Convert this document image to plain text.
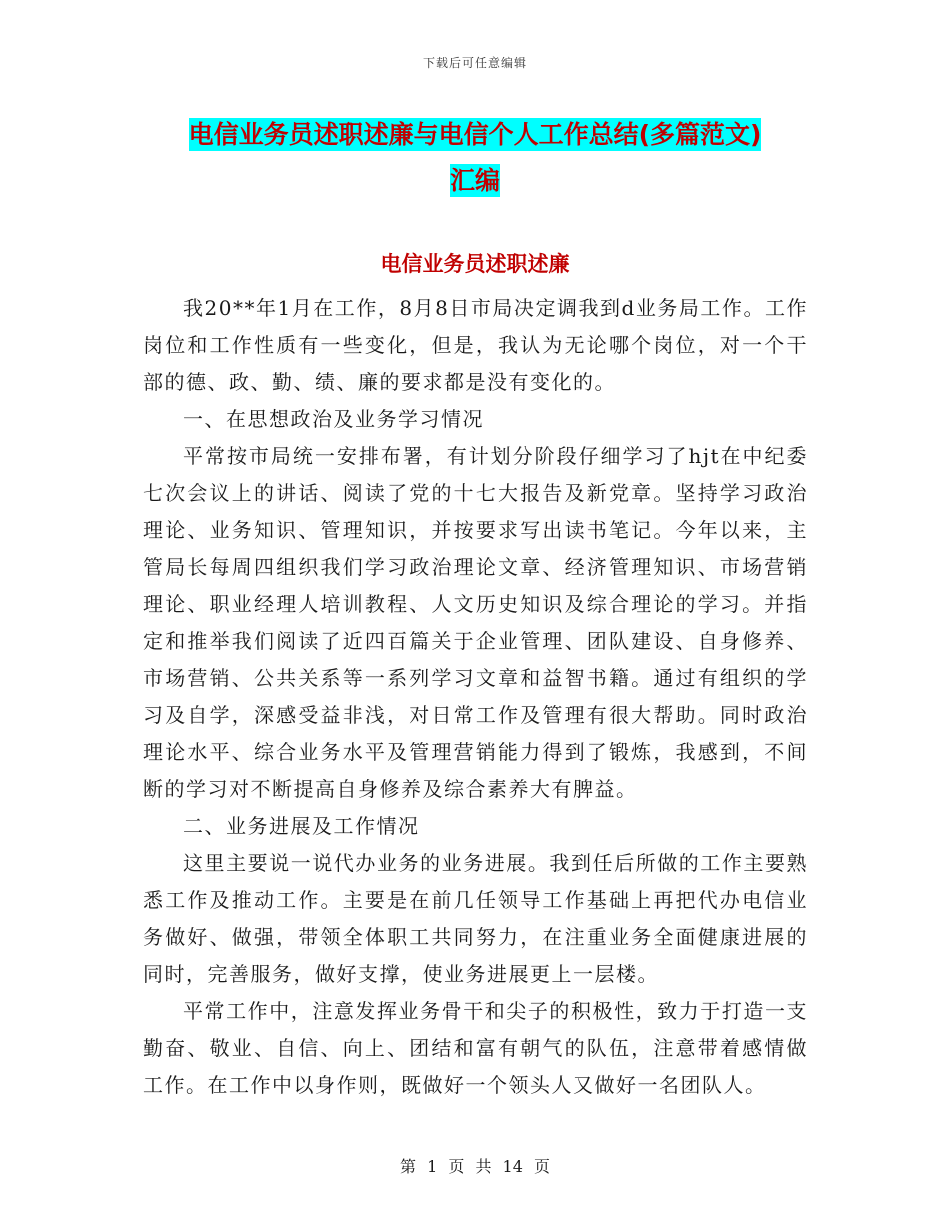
下载后可任意编辑
电信业务员述职述廉与电信个人工作总结(多篇范文)
汇编
电信业务员述职述廉

我20**年1月在工作，8月8日市局决定调我到d业务局工作。工作岗位和工作性质有一些变化，但是，我认为无论哪个岗位，对一个干部的德、政、勤、绩、廉的要求都是没有变化的。

一、在思想政治及业务学习情况

平常按市局统一安排布署，有计划分阶段仔细学习了hjt在中纪委七次会议上的讲话、阅读了党的十七大报告及新党章。坚持学习政治理论、业务知识、管理知识，并按要求写出读书笔记。今年以来，主管局长每周四组织我们学习政治理论文章、经济管理知识、市场营销理论、职业经理人培训教程、人文历史知识及综合理论的学习。并指定和推举我们阅读了近四百篇关于企业管理、团队建设、自身修养、市场营销、公共关系等一系列学习文章和益智书籍。通过有组织的学习及自学，深感受益非浅，对日常工作及管理有很大帮助。同时政治理论水平、综合业务水平及管理营销能力得到了锻炼，我感到，不间断的学习对不断提高自身修养及综合素养大有脾益。

二、业务进展及工作情况

这里主要说一说代办业务的业务进展。我到任后所做的工作主要熟悉工作及推动工作。主要是在前几任领导工作基础上再把代办电信业务做好、做强，带领全体职工共同努力，在注重业务全面健康进展的同时，完善服务，做好支撑，使业务进展更上一层楼。

平常工作中，注意发挥业务骨干和尖子的积极性，致力于打造一支勤奋、敬业、自信、向上、团结和富有朝气的队伍，注意带着感情做工作。在工作中以身作则，既做好一个领头人又做好一名团队人。

第 1 页 共 14 页
